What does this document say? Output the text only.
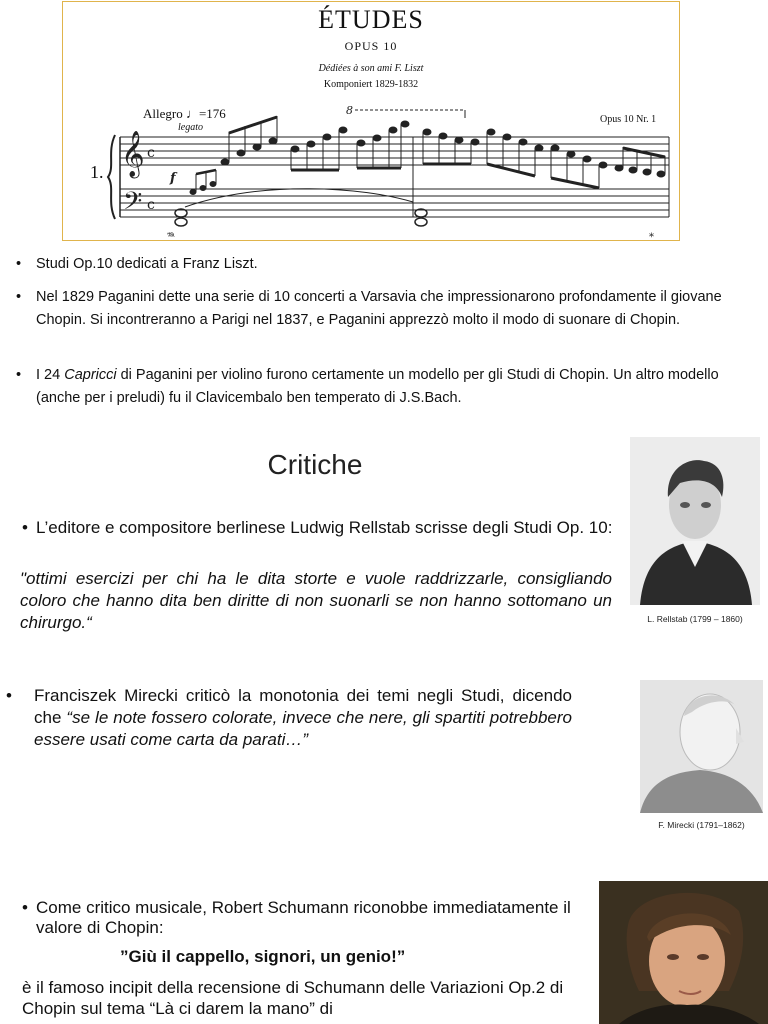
𝄞
𝄢
c
c
f
8
𝆮	*
ÉTUDES
OPUS 10
Dédiées à son ami F. Liszt
Komponiert 1829-1832
Allegro ♩=176
legato
Opus 10 Nr. 1
1.
• Studi Op.10 dedicati a Franz Liszt.
• Nel 1829 Paganini dette una serie di 10 concerti a Varsavia che impressionarono profondamente il giovane Chopin. Si incontreranno a Parigi nel 1837, e Paganini apprezzò molto il modo di suonare di Chopin.
• I 24 Capricci di Paganini per violino furono certamente un modello per gli Studi di Chopin. Un altro modello (anche per i preludi) fu il Clavicembalo ben temperato di J.S.Bach.
Critiche
• L’editore e compositore berlinese Ludwig Rellstab scrisse degli Studi Op. 10:
"ottimi esercizi per chi ha le dita storte e vuole raddrizzarle, consigliando coloro che hanno dita ben diritte di non suonarli se non hanno sottomano un chirurgo.“	L. Rellstab (1799 – 1860)
•	Franciszek Mirecki criticò la monotonia dei temi negli Studi, dicendo che “se le note fossero colorate, invece che nere, gli spartiti potrebbero essere usati come carta da parati…”
F. Mirecki (1791–1862)
• Come critico musicale, Robert Schumann riconobbe immediatamente il valore di Chopin:
”Giù il cappello, signori, un genio!”
è il famoso incipit della recensione di Schumann delle Variazioni Op.2 di Chopin sul tema “Là ci darem la mano” di
